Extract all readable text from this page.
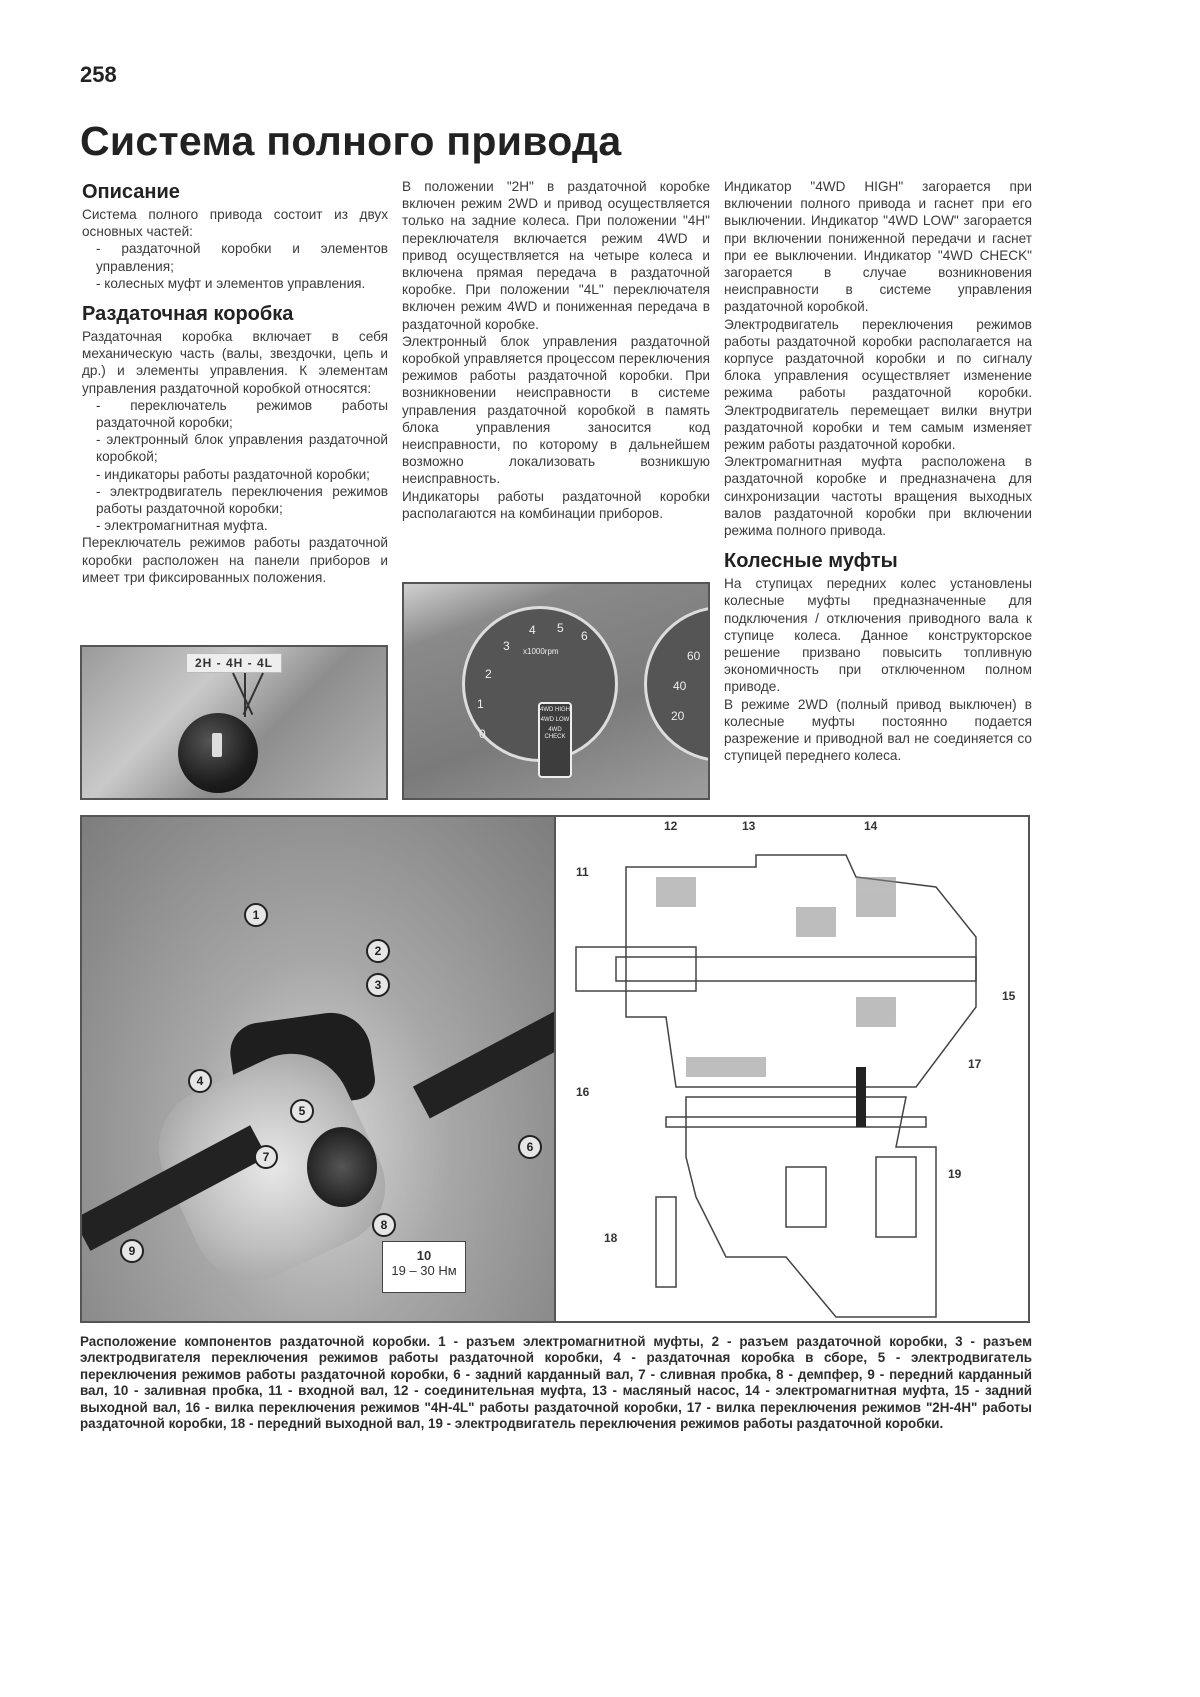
258
Система полного привода
Описание

Система полного привода состоит из двух основных частей:

- раздаточной коробки и элементов управления;

- колесных муфт и элементов управления.

Раздаточная коробка

Раздаточная коробка включает в себя механическую часть (валы, звездочки, цепь и др.) и элементы управления. К элементам управления раздаточной коробкой относятся:

- переключатель режимов работы раздаточной коробки;

- электронный блок управления раздаточной коробкой;

- индикаторы работы раздаточной коробки;

- электродвигатель переключения режимов работы раздаточной коробки;

- электромагнитная муфта.

Переключатель режимов работы раздаточной коробки расположен на панели приборов и имеет три фиксированных положения.

В положении "2H" в раздаточной коробке включен режим 2WD и привод осуществляется только на задние колеса. При положении "4H" переключателя включается режим 4WD и привод осуществляется на четыре колеса и включена прямая передача в раздаточной коробке. При положении "4L" переключателя включен режим 4WD и пониженная передача в раздаточной коробке.

Электронный блок управления раздаточной коробкой управляется процессом переключения режимов работы раздаточной коробки. При возникновении неисправности в системе управления раздаточной коробкой в память блока управления заносится код неисправности, по которому в дальнейшем возможно локализовать возникшую неисправность.

Индикаторы работы раздаточной коробки располагаются на комбинации приборов.

Индикатор "4WD HIGH" загорается при включении полного привода и гаснет при его выключении. Индикатор "4WD LOW" загорается при включении пониженной передачи и гаснет при ее выключении. Индикатор "4WD CHECK" загорается в случае возникновения неисправности в системе управления раздаточной коробкой.

Электродвигатель переключения режимов работы раздаточной коробки располагается на корпусе раздаточной коробки и по сигналу блока управления осуществляет изменение режима работы раздаточной коробки. Электродвигатель перемещает вилки внутри раздаточной коробки и тем самым изменяет режим работы раздаточной коробки.

Электромагнитная муфта расположена в раздаточной коробке и предназначена для синхронизации частоты вращения выходных валов раздаточной коробки при включении режима полного привода.

Колесные муфты

На ступицах передних колес установлены колесные муфты предназначенные для подключения / отключения приводного вала к ступице колеса. Данное конструкторское решение призвано повысить топливную экономичность при отключенном полном приводе.

В режиме 2WD (полный привод выключен) в колесные муфты постоянно подается разрежение и приводной вал не соединяется со ступицей переднего колеса.

2H - 4H - 4L
x1000rpm
0
1
2
3
4 5
6
60
40
20
4WD HIGH
4WD LOW
4WD CHECK
1
2
3
4
5
6
7
8
9	10
19 – 30 Нм
11
12	13	14
15
16
17
18
19
Расположение компонентов раздаточной коробки. 1 - разъем электромагнитной муфты, 2 - разъем раздаточной коробки, 3 - разъем электродвигателя переключения режимов работы раздаточной коробки, 4 - раздаточная коробка в сборе, 5 - электродвигатель переключения режимов работы раздаточной коробки, 6 - задний карданный вал, 7 - сливная пробка, 8 - демпфер, 9 - передний карданный вал, 10 - заливная пробка, 11 - входной вал, 12 - соединительная муфта, 13 - масляный насос, 14 - электромагнитная муфта, 15 - задний выходной вал, 16 - вилка переключения режимов "4H-4L" работы раздаточной коробки, 17 - вилка переключения режимов "2H-4H" работы раздаточной коробки, 18 - передний выходной вал, 19 - электродвигатель переключения режимов работы раздаточной коробки.
